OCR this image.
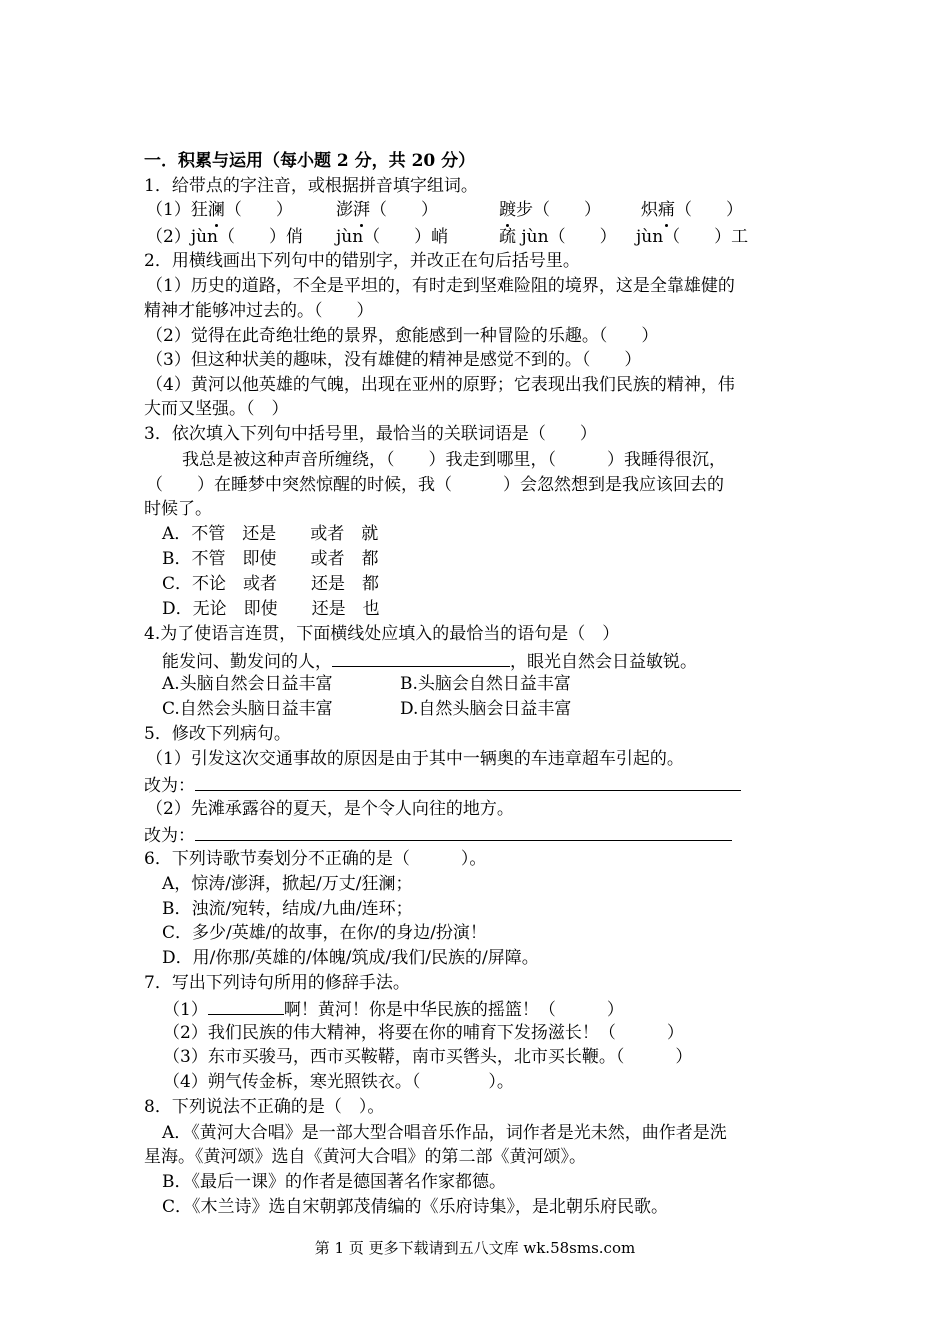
一．积累与运用（每小题 2 分，共 20 分）
1．给带点的字注音，或根据拼音填字组词。
（1）狂澜（　　）	澎湃（　　）	踱步（　　） 炽痛（　　）
（2）jùn（　　）俏 jùn（　　）峭	疏 jùn（　　） jùn（　　）工
2．用横线画出下列句中的错别字，并改正在句后括号里。
（1）历史的道路，不全是平坦的，有时走到坚难险阻的境界，这是全靠雄健的
精神才能够冲过去的。（　　）
（2）觉得在此奇绝壮绝的景界，愈能感到一种冒险的乐趣。（　　）
（3）但这种状美的趣味，没有雄健的精神是感觉不到的。（　　）
（4）黄河以他英雄的气魄，出现在亚州的原野；它表现出我们民族的精神，伟
大而又坚强。（　）
3．依次填入下列句中括号里，最恰当的关联词语是（　　）
我总是被这种声音所缠绕，（　　）我走到哪里，（　　　）我睡得很沉，
（　　）在睡梦中突然惊醒的时候，我（　　　）会忽然想到是我应该回去的
时候了。
A．不管　还是　　或者　就
B．不管　即使　　或者　都
C．不论　或者　　还是　都
D．无论　即使　　还是　也
4.为了使语言连贯，下面横线处应填入的最恰当的语句是（　）
能发问、勤发问的人，	，眼光自然会日益敏锐。
A.头脑自然会日益丰富	B.头脑会自然日益丰富
C.自然会头脑日益丰富	D.自然头脑会日益丰富
5．修改下列病句。
（1）引发这次交通事故的原因是由于其中一辆奥的车违章超车引起的。
改为：
（2）先滩承露谷的夏天，是个令人向往的地方。
改为：
6．下列诗歌节奏划分不正确的是（　　　）。
A，惊涛/澎湃，掀起/万丈/狂澜；
B．浊流/宛转，结成/九曲/连环；
C．多少/英雄/的故事，在你/的身边/扮演！
D．用/你那/英雄的/体魄/筑成/我们/民族的/屏障。
7．写出下列诗句所用的修辞手法。
（1）	啊！黄河！你是中华民族的摇篮！（　　　）
（2）我们民族的伟大精神，将要在你的哺育下发扬滋长！（　　　）
（3）东市买骏马，西市买鞍鞯，南市买辔头，北市买长鞭。（　　　）
（4）朔气传金柝，寒光照铁衣。（　　　　）。
8．下列说法不正确的是（　）。
A．《黄河大合唱》是一部大型合唱音乐作品，词作者是光未然，曲作者是洗
星海。《黄河颂》选自《黄河大合唱》的第二部《黄河颂》。
B．《最后一课》的作者是德国著名作家都德。
C．《木兰诗》选自宋朝郭茂倩编的《乐府诗集》，是北朝乐府民歌。
第 1 页 更多下载请到五八文库 wk.58sms.com
